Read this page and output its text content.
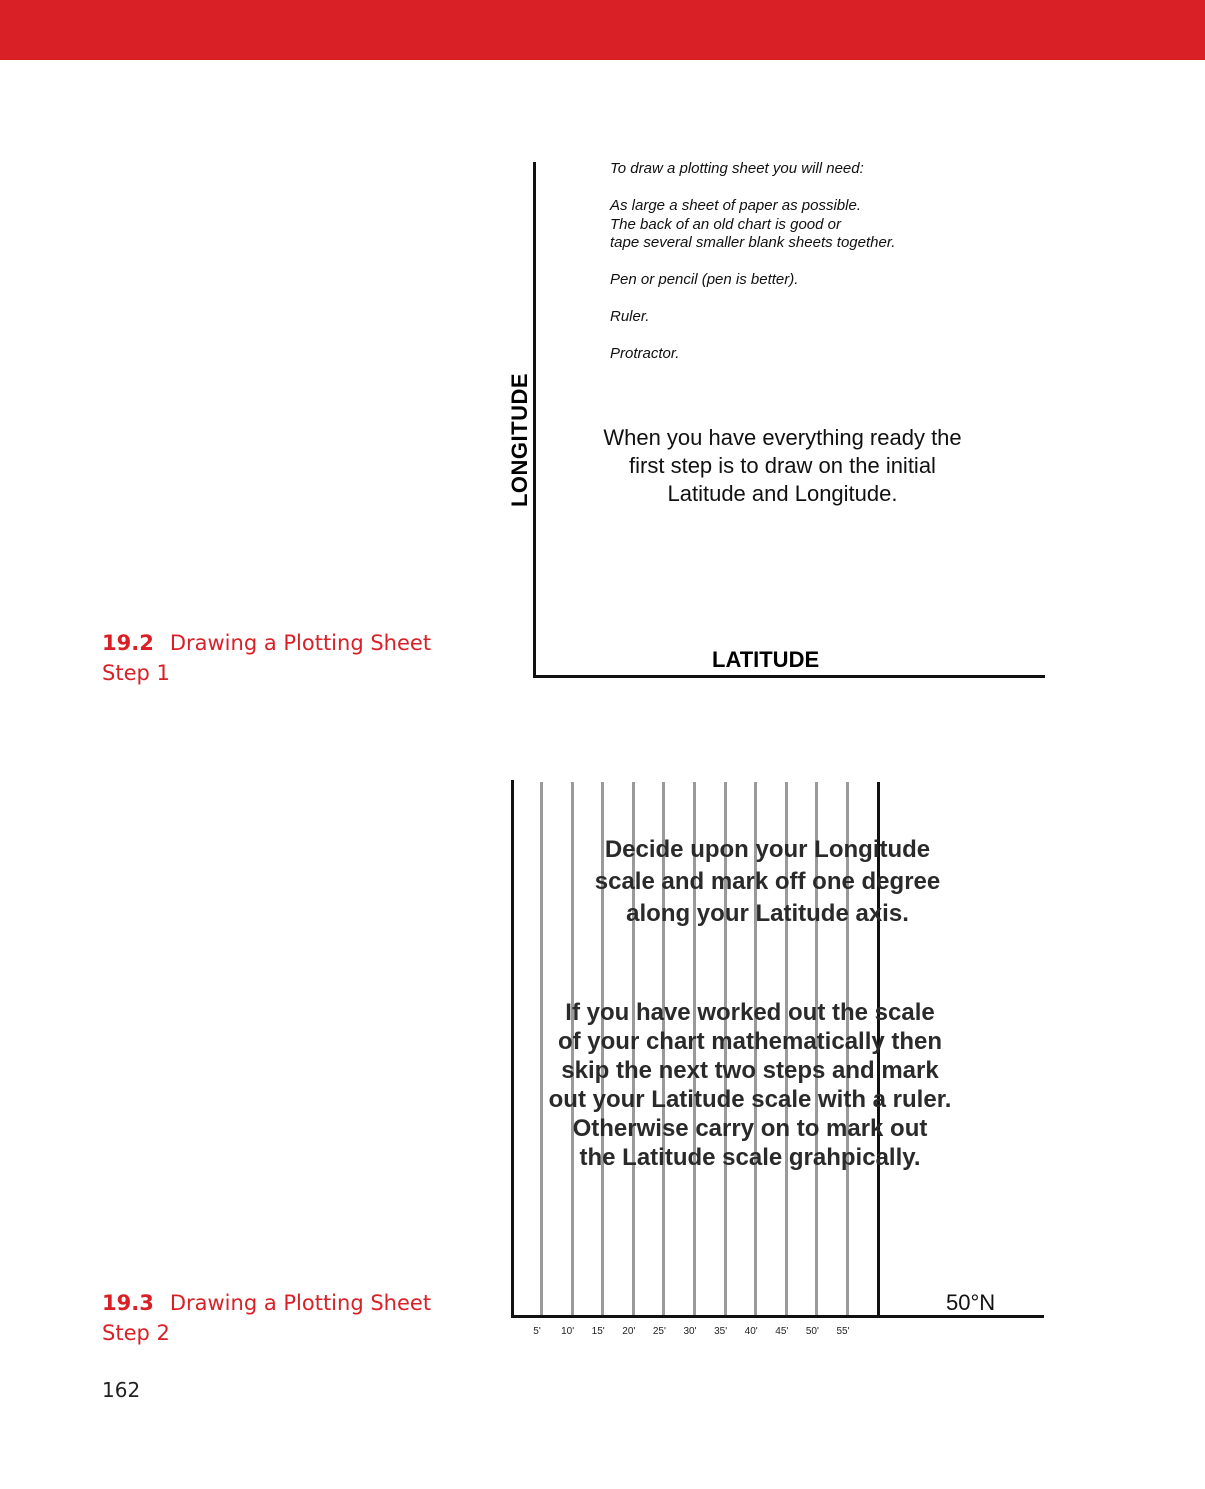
LONGITUDE
LATITUDE

To draw a plotting sheet you will need:

As large a sheet of paper as possible.
The back of an old chart is good or
tape several smaller blank sheets together.

Pen or pencil (pen is better).

Ruler.

Protractor.

When you have everything ready the
first step is to draw on the initial
Latitude and Longitude.
19.2 Drawing a Plotting Sheet
Step 1
5' 10' 15' 20' 25' 30' 35' 40' 45' 50' 55'
50°N
Decide upon your Longitude
scale and mark off one degree
along your Latitude axis.
If you have worked out the scale
of your chart mathematically then
skip the next two steps and mark
out your Latitude scale with a ruler.
Otherwise carry on to mark out
the Latitude scale grahpically.
19.3 Drawing a Plotting Sheet
Step 2
162
